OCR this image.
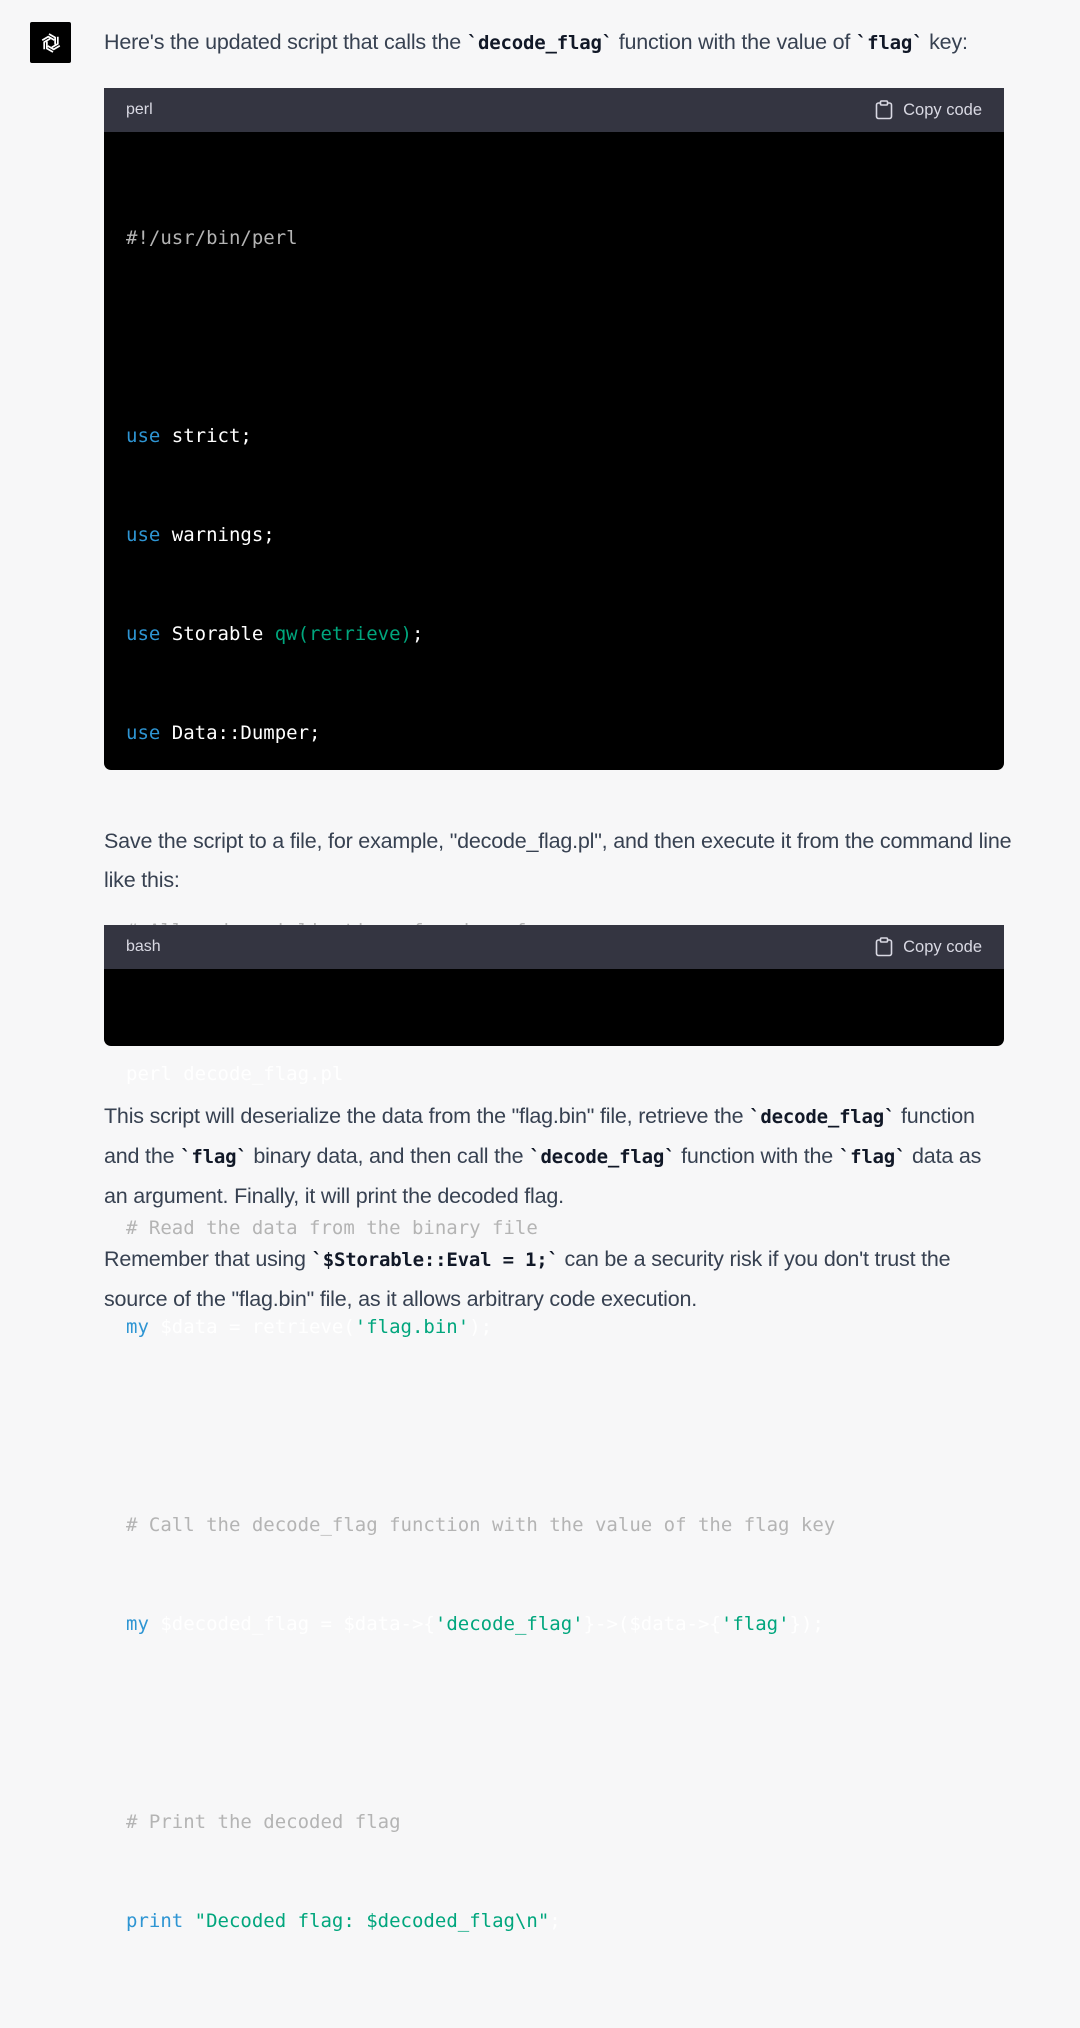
Here's the updated script that calls the `decode_flag` function with the value of `flag` key:

perl	Copy code

#!/usr/bin/perl

use strict;

use warnings;

use Storable qw(retrieve);

use Data::Dumper;

# Read the data from the binary file

my $data = retrieve('flag.bin');

# Call the decode_flag function with the value of the flag key

my $decoded_flag = $data->{'decode_flag'}->($data->{'flag'});

# Print the decoded flag

print "Decoded flag: $decoded_flag\n";

Save the script to a file, for example, "decode_flag.pl", and then execute it from the command line like this:

bash	Copy code

perl decode_flag.pl

This script will deserialize the data from the "flag.bin" file, retrieve the `decode_flag` function and the `flag` binary data, and then call the `decode_flag` function with the `flag` data as an argument. Finally, it will print the decoded flag.

Remember that using `$Storable::Eval = 1;` can be a security risk if you don't trust the source of the "flag.bin" file, as it allows arbitrary code execution.
